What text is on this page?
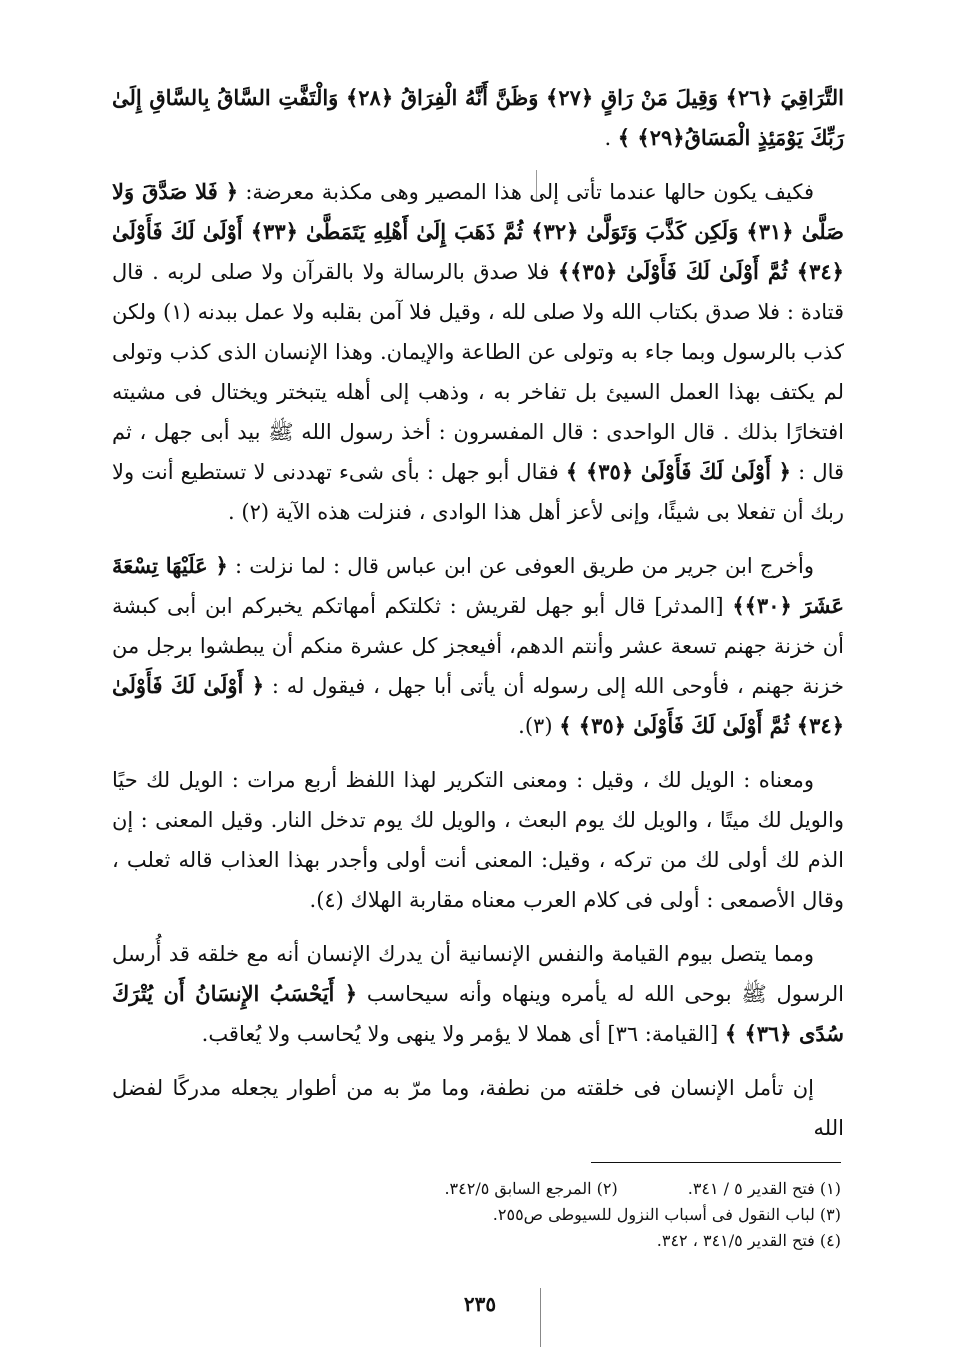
التَّرَاقِيَ ﴿٢٦﴾ وَقِيلَ مَنْ رَاقٍ ﴿٢٧﴾ وَظَنَّ أَنَّهُ الْفِرَاقُ ﴿٢٨﴾ وَالْتَفَّتِ السَّاقُ بِالسَّاقِ إِلَىٰ رَبِّكَ يَوْمَئِذٍ الْمَسَاقُ﴿٢٩﴾ ﴾ .

فكيف يكون حالها عندما تأتى إلى هذا المصير وهى مكذبة معرضة: ﴿ فَلا صَدَّقَ وَلا صَلَّىٰ ﴿٣١﴾ وَلَكِن كَذَّبَ وَتَوَلَّىٰ ﴿٣٢﴾ ثُمَّ ذَهَبَ إِلَىٰ أَهْلِهِ يَتَمَطَّىٰ ﴿٣٣﴾ أَوْلَىٰ لَكَ فَأَوْلَىٰ ﴿٣٤﴾ ثُمَّ أَوْلَىٰ لَكَ فَأَوْلَىٰ ﴿٣٥﴾﴾ فلا صدق بالرسالة ولا بالقرآن ولا صلى لربه . قال قتادة : فلا صدق بكتاب الله ولا صلى لله ، وقيل فلا آمن بقلبه ولا عمل ببدنه (١) ولكن كذب بالرسول وبما جاء به وتولى عن الطاعة والإيمان. وهذا الإنسان الذى كذب وتولى لم يكتف بهذا العمل السيئ بل تفاخر به ، وذهب إلى أهله يتبختر ويختال فى مشيته افتخارًا بذلك . قال الواحدى : قال المفسرون : أخذ رسول الله ﷺ بيد أبى جهل ، ثم قال : ﴿ أَوْلَىٰ لَكَ فَأَوْلَىٰ ﴿٣٥﴾ ﴾ فقال أبو جهل : بأى شىء تهددنى لا تستطيع أنت ولا ربك أن تفعلا بى شيئًا، وإنى لأعز أهل هذا الوادى ، فنزلت هذه الآية (٢) .

وأخرج ابن جرير من طريق العوفى عن ابن عباس قال : لما نزلت : ﴿ عَلَيْهَا تِسْعَةَ عَشَرَ ﴿٣٠﴾﴾ [المدثر] قال أبو جهل لقريش : ثكلتكم أمهاتكم يخبركم ابن أبى كبشة أن خزنة جهنم تسعة عشر وأنتم الدهم، أفيعجز كل عشرة منكم أن يبطشوا برجل من خزنة جهنم ، فأوحى الله إلى رسوله أن يأتى أبا جهل ، فيقول له : ﴿ أَوْلَىٰ لَكَ فَأَوْلَىٰ ﴿٣٤﴾ ثُمَّ أَوْلَىٰ لَكَ فَأَوْلَىٰ ﴿٣٥﴾ ﴾ (٣).

ومعناه : الويل لك ، وقيل : ومعنى التكرير لهذا اللفظ أربع مرات : الويل لك حيًا والويل لك ميتًا ، والويل لك يوم البعث ، والويل لك يوم تدخل النار. وقيل المعنى : إن الذم لك أولى لك من تركه ، وقيل: المعنى أنت أولى وأجدر بهذا العذاب قاله ثعلب ، وقال الأصمعى : أولى فى كلام العرب معناه مقاربة الهلاك (٤).

ومما يتصل بيوم القيامة والنفس الإنسانية أن يدرك الإنسان أنه مع خلقه قد أُرسل الرسول ﷺ بوحى الله له يأمره وينهاه وأنه سيحاسب ﴿ أَيَحْسَبُ الإِنسَانُ أَن يُتْرَكَ سُدًى ﴿٣٦﴾ ﴾ [القيامة: ٣٦] أى هملا لا يؤمر ولا ينهى ولا يُحاسب ولا يُعاقب.

إن تأمل الإنسان فى خلقته من نطفة، وما مرّ به من أطوار يجعله مدركًا لفضل الله

(١) فتح القدير ٥ / ٣٤١.
(٢) المرجع السابق ٣٤٢/٥.
(٣) لباب النقول فى أسباب النزول للسيوطى ص٢٥٥.
(٤) فتح القدير ٣٤١/٥ ، ٣٤٢.
٢٣٥
